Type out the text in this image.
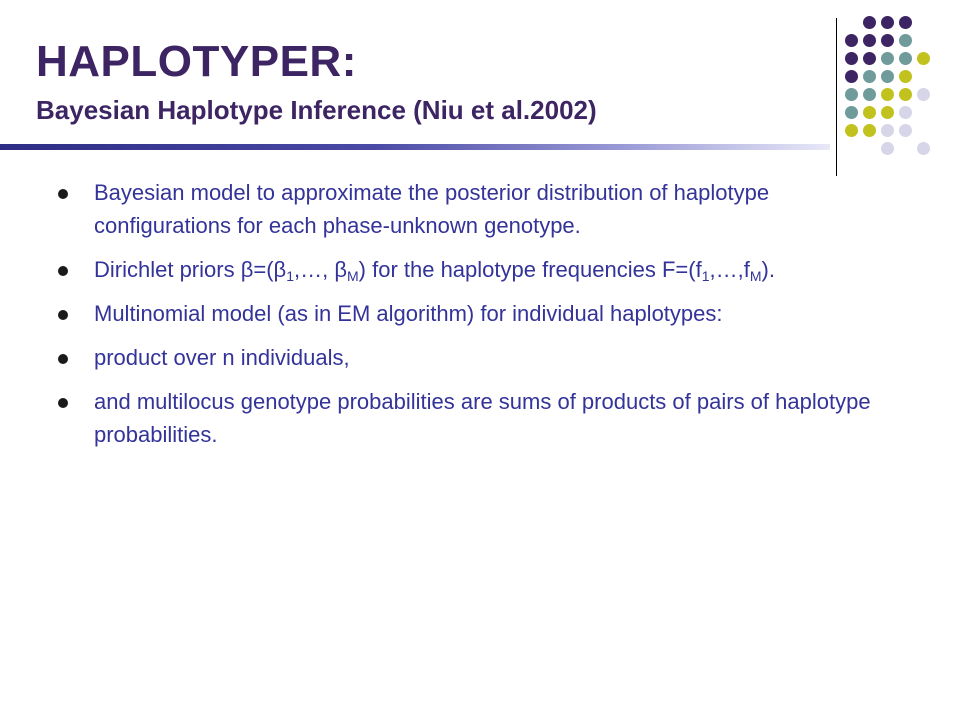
HAPLOTYPER:
Bayesian Haplotype Inference (Niu et al.2002)
Bayesian model to approximate the posterior distribution of haplotype configurations for each phase-unknown genotype.
Dirichlet priors $\beta=(\beta_1,\dots$, $\beta_M$) for the haplotype frequencies $F=(f_1,\dots,f_M)$.
Multinomial model (as in EM algorithm) for individual haplotypes:
product over n individuals,
and multilocus genotype probabilities are sums of products of pairs of haplotype probabilities.
